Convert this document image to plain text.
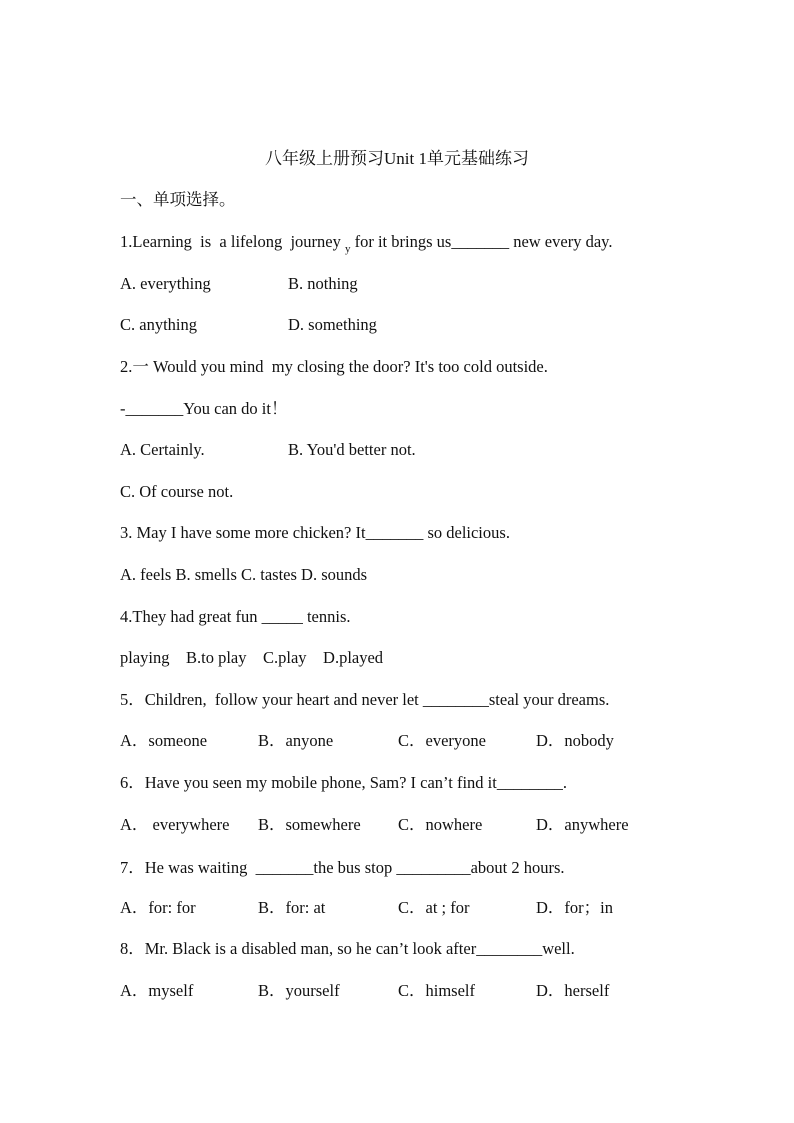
八年级上册预习Unit 1单元基础练习
一、单项选择。
1.Learning  is  a lifelong  journey $_y$ for it brings us_______ new every day.
A. everything	B. nothing
C. anything	D. something
2.一 Would you mind  my closing the door? It's too cold outside.
-_______You can do it！
A. Certainly.	B. You'd better not.
C. Of course not.
3. May I have some more chicken? It_______ so delicious.
A. feels B. smells C. tastes D. sounds
4.They had great fun _____ tennis.
playing    B.to play    C.play    D.played
5．Children,  follow your heart and never let ________steal your dreams.
A．someone	B．anyone	C．everyone	D．nobody
6．Have you seen my mobile phone, Sam? I can’t find it________.
A． everywhere B．somewhere C．nowhere	D．anywhere
7．He was waiting  _______the bus stop _________about 2 hours.
A．for: for	B．for: at	C．at ; for	D．for；in
8．Mr. Black is a disabled man, so he can’t look after________well.
A．myself	B．yourself	C．himself	D．herself
